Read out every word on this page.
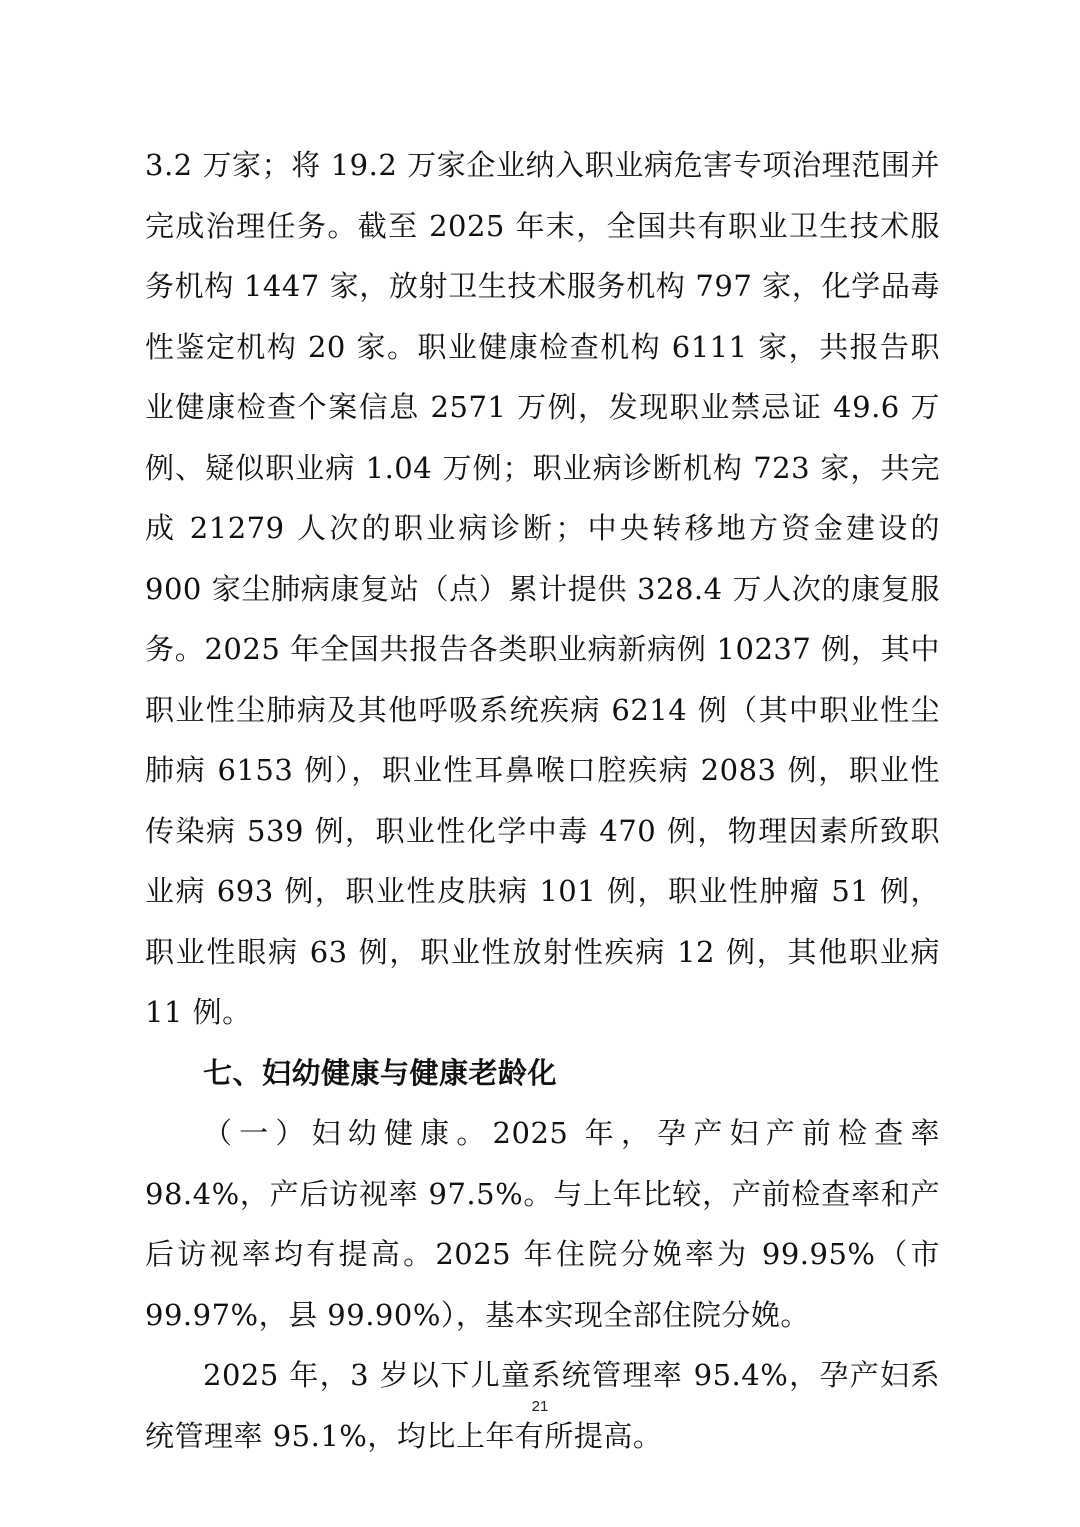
3.2 万家；将 19.2 万家企业纳入职业病危害专项治理范围并完成治理任务。截至 2025 年末，全国共有职业卫生技术服务机构 1447 家，放射卫生技术服务机构 797 家，化学品毒性鉴定机构 20 家。职业健康检查机构 6111 家，共报告职业健康检查个案信息 2571 万例，发现职业禁忌证 49.6 万例、疑似职业病 1.04 万例；职业病诊断机构 723 家，共完成 21279 人次的职业病诊断；中央转移地方资金建设的 900 家尘肺病康复站（点）累计提供 328.4 万人次的康复服务。2025 年全国共报告各类职业病新病例 10237 例，其中职业性尘肺病及其他呼吸系统疾病 6214 例（其中职业性尘肺病 6153 例），职业性耳鼻喉口腔疾病 2083 例，职业性传染病 539 例，职业性化学中毒 470 例，物理因素所致职业病 693 例，职业性皮肤病 101 例，职业性肿瘤 51 例，职业性眼病 63 例，职业性放射性疾病 12 例，其他职业病 11 例。

七、妇幼健康与健康老龄化

（一）妇幼健康。2025 年，孕产妇产前检查率 98.4%，产后访视率 97.5%。与上年比较，产前检查率和产后访视率均有提高。2025 年住院分娩率为 99.95%（市 99.97%，县 99.90%），基本实现全部住院分娩。

2025 年，3 岁以下儿童系统管理率 95.4%，孕产妇系统管理率 95.1%，均比上年有所提高。

21
